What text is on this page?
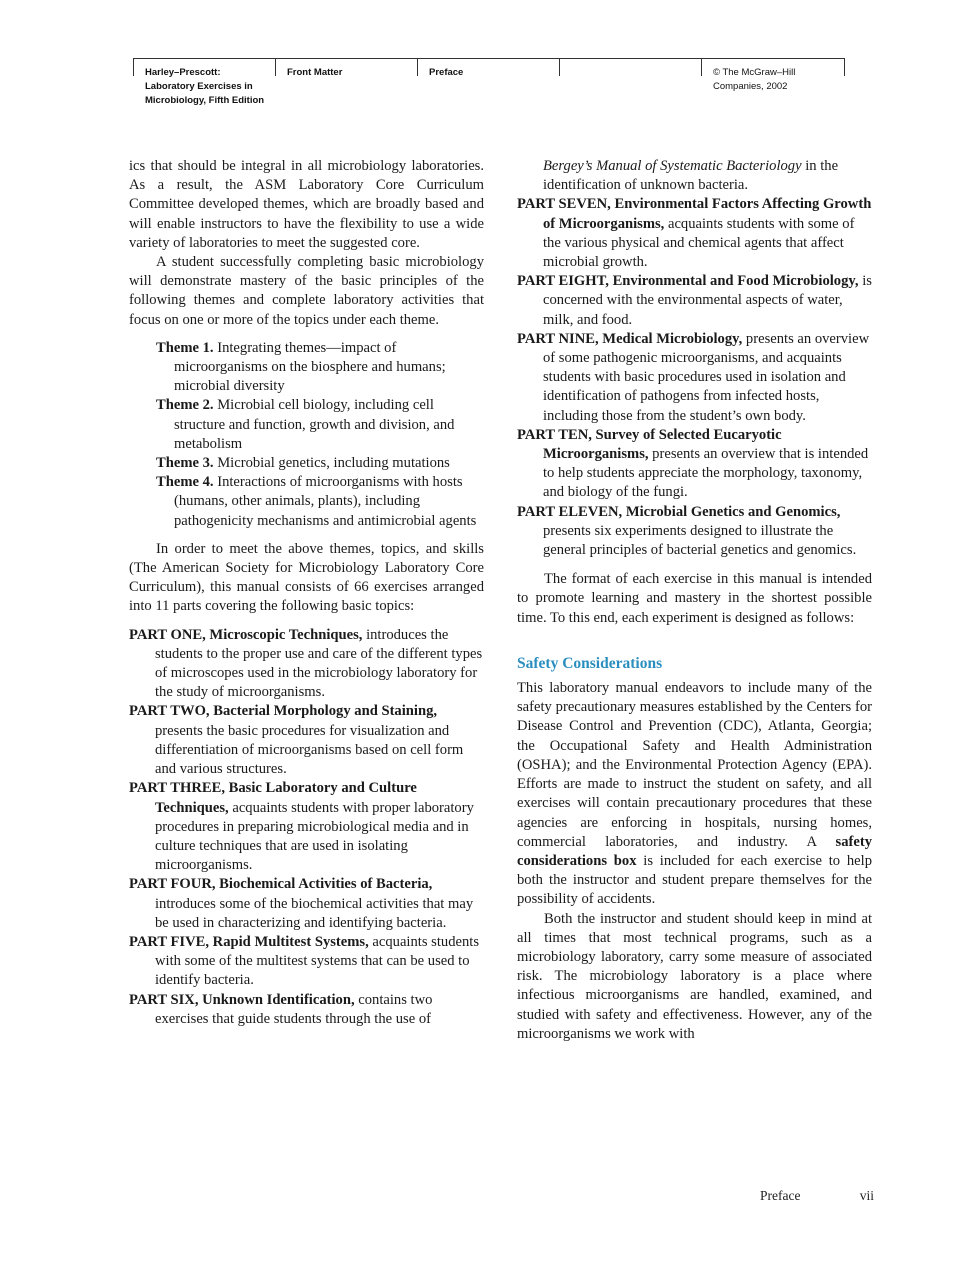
Harley–Prescott:
Laboratory Exercises in
Microbiology, Fifth Edition
Front Matter	Preface	© The McGraw–Hill
Companies, 2002

ics that should be integral in all microbiology laboratories. As a result, the ASM Laboratory Core Curriculum Committee developed themes, which are broadly based and will enable instructors to have the flexibility to use a wide variety of laboratories to meet the suggested core.

A student successfully completing basic microbiology will demonstrate mastery of the basic principles of the following themes and complete laboratory activities that focus on one or more of the topics under each theme.

Theme 1. Integrating themes—impact of microorganisms on the biosphere and humans; microbial diversity

Theme 2. Microbial cell biology, including cell structure and function, growth and division, and metabolism

Theme 3. Microbial genetics, including mutations

Theme 4. Interactions of microorganisms with hosts (humans, other animals, plants), including pathogenicity mechanisms and antimicrobial agents

In order to meet the above themes, topics, and skills (The American Society for Microbiology Laboratory Core Curriculum), this manual consists of 66 exercises arranged into 11 parts covering the following basic topics:

PART ONE, Microscopic Techniques, introduces the students to the proper use and care of the different types of microscopes used in the microbiology laboratory for the study of microorganisms.

PART TWO, Bacterial Morphology and Staining, presents the basic procedures for visualization and differentiation of microorganisms based on cell form and various structures.

PART THREE, Basic Laboratory and Culture Techniques, acquaints students with proper laboratory procedures in preparing microbiological media and in culture techniques that are used in isolating microorganisms.

PART FOUR, Biochemical Activities of Bacteria, introduces some of the biochemical activities that may be used in characterizing and identifying bacteria.

PART FIVE, Rapid Multitest Systems, acquaints students with some of the multitest systems that can be used to identify bacteria.

PART SIX, Unknown Identification, contains two exercises that guide students through the use of

Bergey’s Manual of Systematic Bacteriology in the identification of unknown bacteria.

PART SEVEN, Environmental Factors Affecting Growth of Microorganisms, acquaints students with some of the various physical and chemical agents that affect microbial growth.

PART EIGHT, Environmental and Food Microbiology, is concerned with the environmental aspects of water, milk, and food.

PART NINE, Medical Microbiology, presents an overview of some pathogenic microorganisms, and acquaints students with basic procedures used in isolation and identification of pathogens from infected hosts, including those from the student’s own body.

PART TEN, Survey of Selected Eucaryotic Microorganisms, presents an overview that is intended to help students appreciate the morphology, taxonomy, and biology of the fungi.

PART ELEVEN, Microbial Genetics and Genomics, presents six experiments designed to illustrate the general principles of bacterial genetics and genomics.

The format of each exercise in this manual is intended to promote learning and mastery in the shortest possible time. To this end, each experiment is designed as follows:

Safety Considerations

This laboratory manual endeavors to include many of the safety precautionary measures established by the Centers for Disease Control and Prevention (CDC), Atlanta, Georgia; the Occupational Safety and Health Administration (OSHA); and the Environmental Protection Agency (EPA). Efforts are made to instruct the student on safety, and all exercises will contain precautionary procedures that these agencies are enforcing in hospitals, nursing homes, commercial laboratories, and industry. A safety considerations box is included for each exercise to help both the instructor and student prepare themselves for the possibility of accidents.

Both the instructor and student should keep in mind at all times that most technical programs, such as a microbiology laboratory, carry some measure of associated risk. The microbiology laboratory is a place where infectious microorganisms are handled, examined, and studied with safety and effectiveness. However, any of the microorganisms we work with

Preface	vii
